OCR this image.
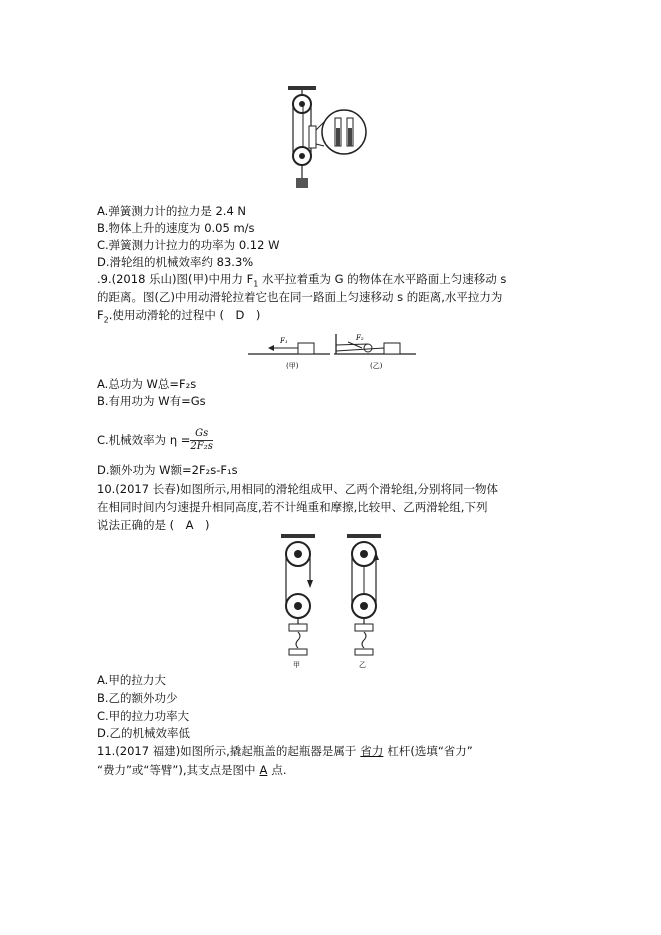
A.弹簧测力计的拉力是 2.4 N
B.物体上升的速度为 0.05 m/s
C.弹簧测力计拉力的功率为 0.12 W
D.滑轮组的机械效率约 83.3%
.9.(2018 乐山)图(甲)中用力 $F_1$ 水平拉着重为 G 的物体在水平路面上匀速移动 s
的距离。图(乙)中用动滑轮拉着它也在同一路面上匀速移动 s 的距离,水平拉力为
$F_2$.使用动滑轮的过程中 (　D　)
F₁	F₂
(甲)	(乙)
A.总功为 W总=F₂s
B.有用功为 W有=Gs
C.机械效率为 $\eta = \frac{Gs}{\text{2F₂s}}$
D.额外功为 W额=2F₂s-F₁s
10.(2017 长春)如图所示,用相同的滑轮组成甲、乙两个滑轮组,分别将同一物体
在相同时间内匀速提升相同高度,若不计绳重和摩擦,比较甲、乙两滑轮组,下列
说法正确的是 (　A　)
甲	乙
A.甲的拉力大
B.乙的额外功少
C.甲的拉力功率大
D.乙的机械效率低
11.(2017 福建)如图所示,撬起瓶盖的起瓶器是属于 省力 杠杆(选填“省力”
“费力”或“等臂”),其支点是图中 A 点.
